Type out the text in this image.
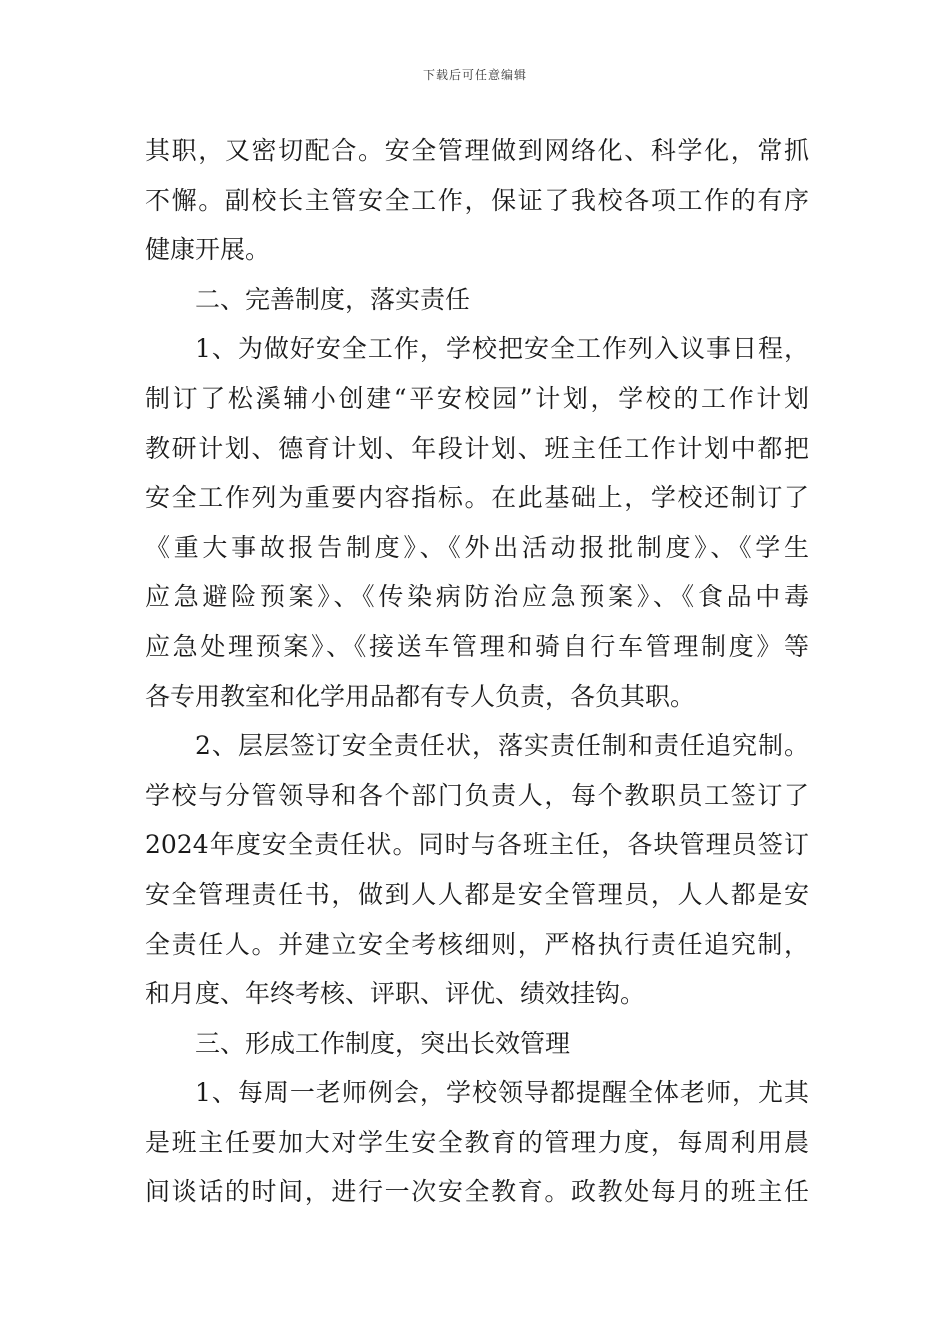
下载后可任意编辑
其职，又密切配合。安全管理做到网络化、科学化，常抓
不懈。副校长主管安全工作，保证了我校各项工作的有序
健康开展。
二、完善制度，落实责任
1、为做好安全工作，学校把安全工作列入议事日程，
制订了松溪辅小创建“平安校园”计划，学校的工作计划
教研计划、德育计划、年段计划、班主任工作计划中都把
安全工作列为重要内容指标。在此基础上，学校还制订了
《重大事故报告制度》、《外出活动报批制度》、《学生
应急避险预案》、《传染病防治应急预案》、《食品中毒
应急处理预案》、《接送车管理和骑自行车管理制度》等
各专用教室和化学用品都有专人负责，各负其职。
2、层层签订安全责任状，落实责任制和责任追究制。
学校与分管领导和各个部门负责人，每个教职员工签订了
2024年度安全责任状。同时与各班主任，各块管理员签订
安全管理责任书，做到人人都是安全管理员，人人都是安
全责任人。并建立安全考核细则，严格执行责任追究制，
和月度、年终考核、评职、评优、绩效挂钩。
三、形成工作制度，突出长效管理
1、每周一老师例会，学校领导都提醒全体老师，尤其
是班主任要加大对学生安全教育的管理力度，每周利用晨
间谈话的时间，进行一次安全教育。政教处每月的班主任
